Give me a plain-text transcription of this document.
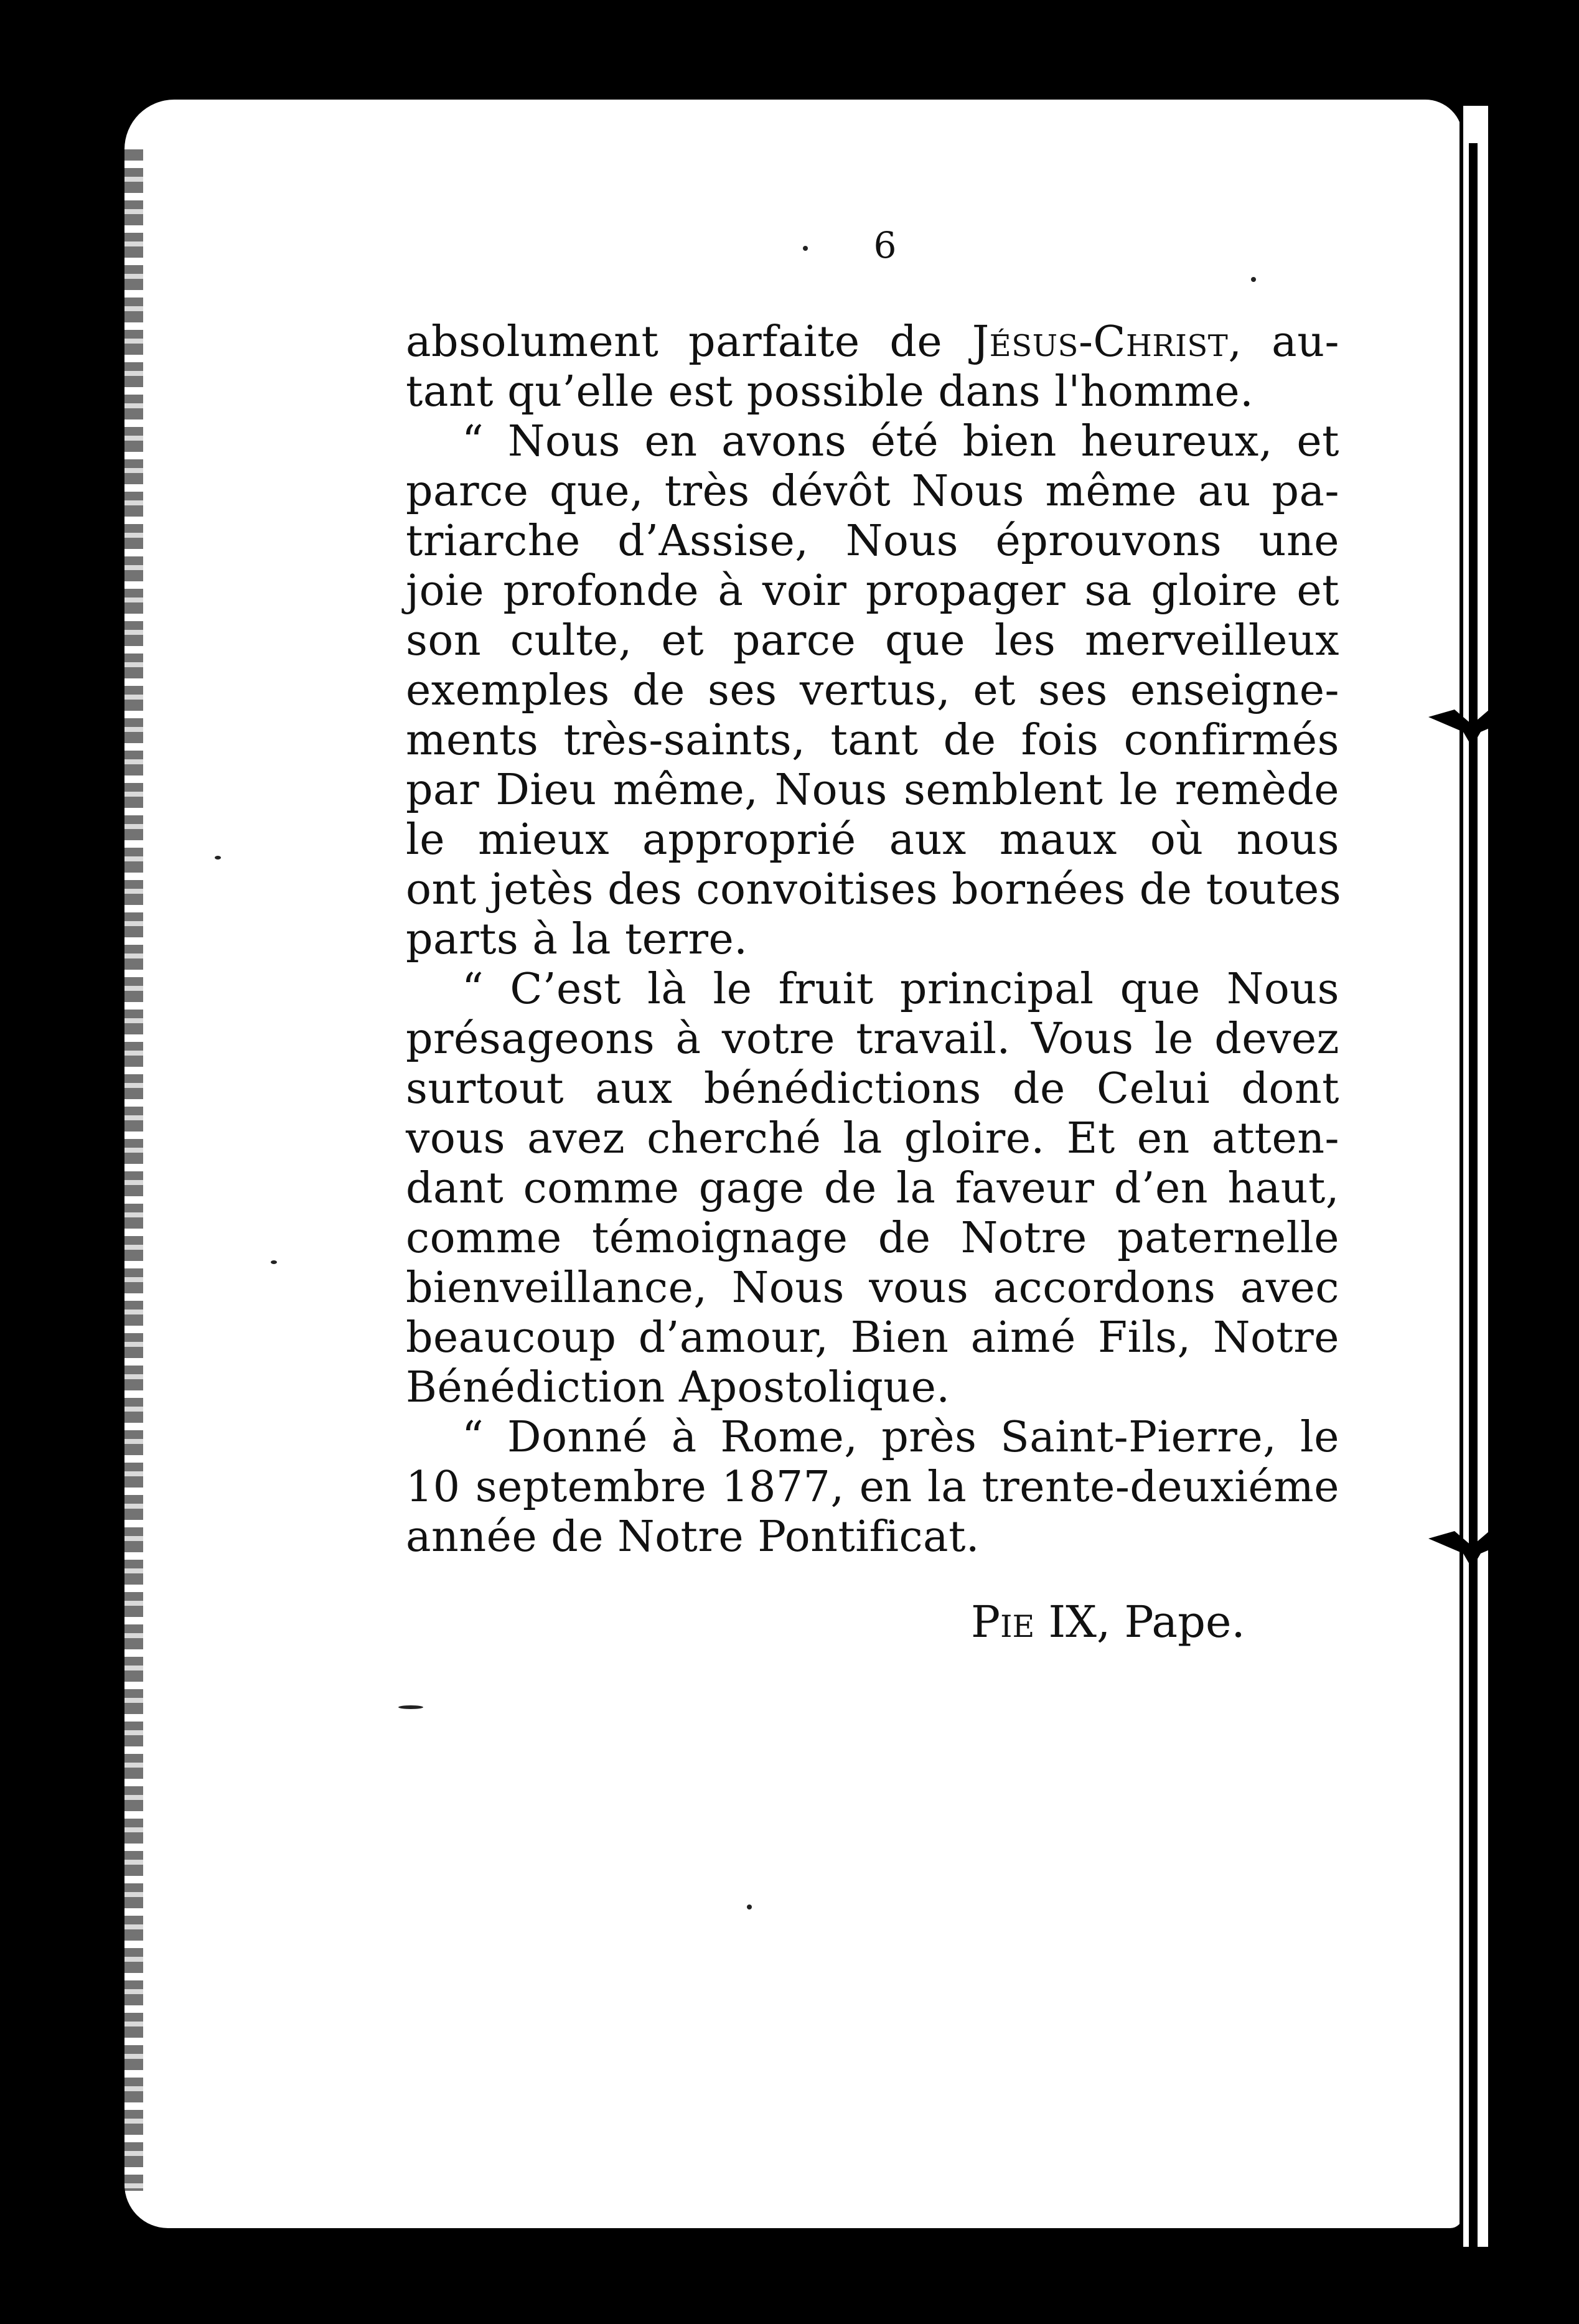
6
absolument parfaite de Jésus-Christ, au-
tant qu’elle est possible dans l'homme.
“ Nous en avons été bien heureux, et
parce que, très dévôt Nous même au pa-
triarche d’Assise, Nous éprouvons une
joie profonde à voir propager sa gloire et
son culte, et parce que les merveilleux
exemples de ses vertus, et ses enseigne-
ments très-saints, tant de fois confirmés
par Dieu même, Nous semblent le remède
le mieux approprié aux maux où nous
ont jetès des convoitises bornées de toutes
parts à la terre.
“ C’est là le fruit principal que Nous
présageons à votre travail. Vous le devez
surtout aux bénédictions de Celui dont
vous avez cherché la gloire. Et en atten-
dant comme gage de la faveur d’en haut,
comme témoignage de Notre paternelle
bienveillance, Nous vous accordons avec
beaucoup d’amour, Bien aimé Fils, Notre
Bénédiction Apostolique.
“ Donné à Rome, près Saint-Pierre, le
10 septembre 1877, en la trente-deuxiéme
année de Notre Pontificat.
Pie IX, Pape.
